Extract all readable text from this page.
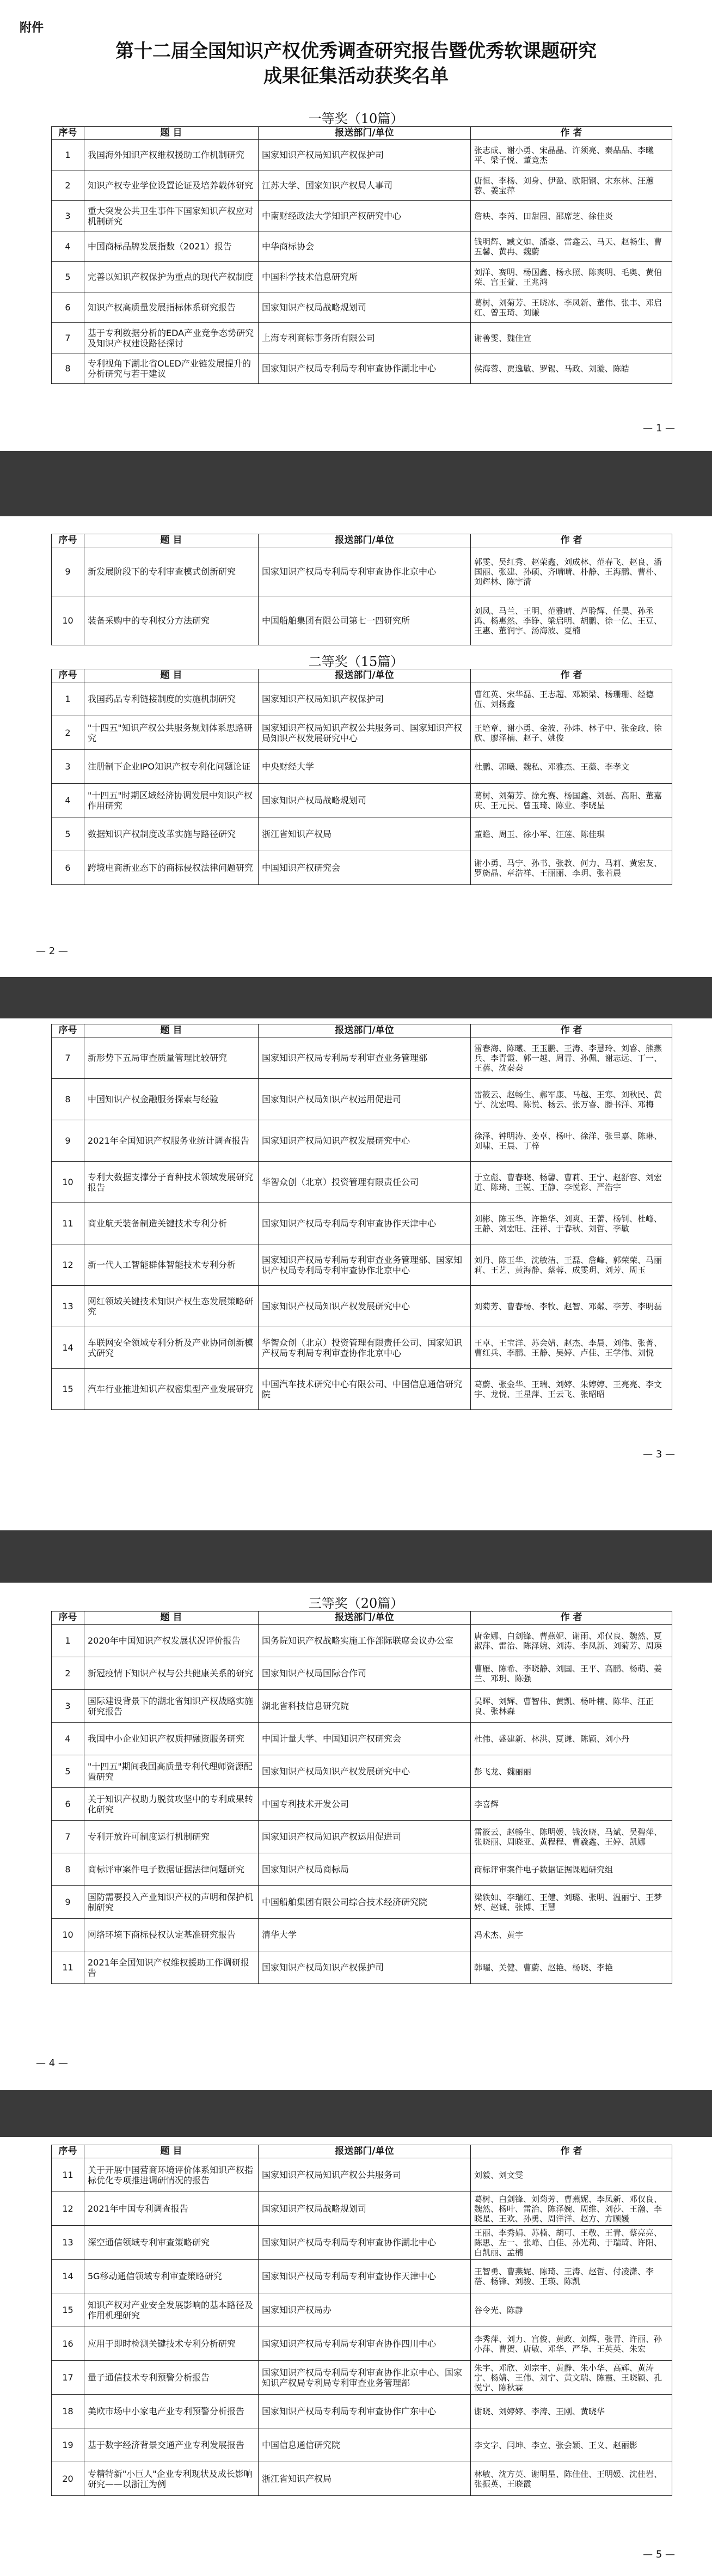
附件
第十二届全国知识产权优秀调查研究报告暨优秀软课题研究
成果征集活动获奖名单
一等奖（10篇）
序号	题 目	报送部门/单位	作 者
1	我国海外知识产权维权援助工作机制研究	国家知识产权局知识产权保护司	张志成、谢小勇、宋晶晶、许须亮、秦品品、李曦平、梁子悦、董竞杰
2	知识产权专业学位设置论证及培养载体研究	江苏大学、国家知识产权局人事司	唐恒、李杨、刘身、伊盈、欧阳钢、宋东林、汪蕙蓉、姜宝萍
3	重大突发公共卫生事件下国家知识产权应对机制研究	中南财经政法大学知识产权研究中心	詹映、李芮、田甜园、邵席芝、徐佳炎
4	中国商标品牌发展指数（2021）报告	中华商标协会	钱明辉、臧文如、潘豪、雷鑫云、马天、赵畅生、曹五馨、黄冉、魏蔚
5	完善以知识产权保护为重点的现代产权制度	中国科学技术信息研究所	刘洋、赛明、杨国鑫、杨永照、陈爽明、毛奥、黄伯荣、宫玉萱、王兆鸿
6	知识产权高质量发展指标体系研究报告	国家知识产权局战略规划司	葛树、刘菊芳、王晓冰、李凤新、董伟、张丰、邓启红、曾玉琦、刘谦
7	基于专利数据分析的EDA产业竞争态势研究及知识产权建设路径探讨	上海专利商标事务所有限公司	谢善雯、魏佳宣
8	专利视角下湖北省OLED产业链发展提升的分析研究与若干建议	国家知识产权局专利局专利审查协作湖北中心	侯海蓉、贾逸敏、罗锡、马政、刘璇、陈皓
— 1 —
序号	题 目	报送部门/单位	作 者
9	新发展阶段下的专利审查模式创新研究	国家知识产权局专利局专利审查协作北京中心	郭雯、吴红秀、赵荣鑫、刘成林、范春飞、赵良、潘国丽、张建、孙硕、齐晴晴、朴静、王海鹏、曹朴、刘辉林、陈宇清
10	装备采购中的专利权分方法研究	中国船舶集团有限公司第七一四研究所	刘凤、马兰、王明、范雅晴、芦聆辉、任昊、孙丞鸿、杨惠然、李铮、梁启明、胡鹏、徐一亿、王豆、王惠、董润宇、汤海波、夏楠
二等奖（15篇）
序号	题 目	报送部门/单位	作 者
1	我国药品专利链接制度的实施机制研究	国家知识产权局知识产权保护司	曹红英、宋华磊、王志超、邓颖梁、杨珊珊、经德伍、刘扬鑫
2	"十四五"知识产权公共服务规划体系思路研究	国家知识产权局知识产权公共服务司、国家知识产权局知识产权发展研究中心	王培章、谢小勇、金波、孙炜、林子中、张金政、徐欣、廖泽楠、赵子、姚俊
3	注册制下企业IPO知识产权专利化问题论证	中央财经大学	杜鹏、郭曦、魏私、邓雅杰、王薇、李孝文
4	"十四五"时期区域经济协调发展中知识产权作用研究	国家知识产权局战略规划司	葛树、刘菊芳、徐允赛、杨国鑫、刘磊、高阳、董嘉庆、王元民、曾玉琦、陈业、李晓星
5	数据知识产权制度改革实施与路径研究	浙江省知识产权局	董瞻、周玉、徐小军、汪莲、陈佳琪
6	跨境电商新业态下的商标侵权法律问题研究	中国知识产权研究会	谢小勇、马宁、孙书、张教、何力、马莉、黄宏友、罗旖晶、章浩祥、王丽丽、李玥、张若晨
— 2 —
序号	题 目	报送部门/单位	作 者
7	新形势下五局审查质量管理比较研究	国家知识产权局专利局专利审查业务管理部	雷春海、陈曦、王玉鹏、王涛、李慧玲、刘睿、熊燕兵、李青霞、郭一越、周青、孙佩、谢志远、丁一、王蓓、沈秦秦
8	中国知识产权金融服务探索与经验	国家知识产权局知识产权运用促进司	雷筱云、赵畅生、郝军康、马越、王寒、刘秋民、黄宁、沈宏鸣、陈悦、杨云、张万睿、滕书洋、邓梅
9	2021年全国知识产权服务业统计调查报告	国家知识产权局知识产权发展研究中心	徐泽、钟明涛、姜卓、杨叶、徐洋、张呈嘉、陈琳、刘啸、王晨、丁梓
10	专利大数据支撑分子育种技术领域发展研究报告	华智众创（北京）投资管理有限责任公司	于立彪、曹春晓、杨馨、曹莉、王宁、赵舒容、刘宏道、陈琦、王锐、王静、李悦彩、严浩宇
11	商业航天装备制造关键技术专利分析	国家知识产权局专利局专利审查协作天津中心	刘彬、陈玉华、许艳华、刘爽、王蕾、杨钊、杜峰、王静、刘宏旺、汪祥、于春秋、刘哲、李敏
12	新一代人工智能群体智能技术专利分析	国家知识产权局专利局专利审查业务管理部、国家知识产权局专利局专利审查协作北京中心	刘丹、陈玉华、沈敏洁、王磊、詹峰、郭荣荣、马丽莉、王艺、黄海静、蔡蓉、成雯玥、刘芳、周玉
13	网红领域关键技术知识产权生态发展策略研究	国家知识产权局知识产权发展研究中心	刘菊芳、曹春杨、李牧、赵智、邓粼、李芳、李明磊
14	车联网安全领域专利分析及产业协同创新模式研究	华智众创（北京）投资管理有限责任公司、国家知识产权局专利局专利审查协作北京中心	王卓、王宝洋、苏会婧、赵杰、李晨、刘伟、张菁、曹红兵、李鹏、王静、吴婷、卢佳、王学伟、刘悦
15	汽车行业推进知识产权密集型产业发展研究	中国汽车技术研究中心有限公司、中国信息通信研究院	葛蔚、张金华、王瑞、刘婷、朱婷婷、王亮亮、李文宇、龙悦、王星萍、王云飞、张昭昭
— 3 —
三等奖（20篇）
序号	题 目	报送部门/单位	作 者
1	2020年中国知识产权发展状况评价报告	国务院知识产权战略实施工作部际联席会议办公室	唐金娜、白剑锋、曹燕妮、谢雨、邓仅良、魏然、夏淑萍、雷治、陈泽婉、刘涛、李凤新、刘菊芳、周瑛
2	新冠疫情下知识产权与公共健康关系的研究	国家知识产权局国际合作司	曹雁、陈希、李晓静、刘国、王平、高鹏、杨萌、姜兰、邓玥、陈强
3	国际建设背景下的湖北省知识产权战略实施研究报告	湖北省科技信息研究院	吴晖、刘辉、曹智伟、黄凯、杨叶楠、陈华、汪正良、张林森
4	我国中小企业知识产权质押融资服务研究	中国计量大学、中国知识产权研究会	杜伟、盛建新、林洪、夏谦、陈颖、刘小丹
5	"十四五"期间我国高质量专利代理师资源配置研究	国家知识产权局知识产权发展研究中心	彭飞龙、魏丽丽
6	关于知识产权助力脱贫攻坚中的专利成果转化研究	中国专利技术开发公司	李喜辉
7	专利开放许可制度运行机制研究	国家知识产权局知识产权运用促进司	雷筱云、赵畅生、陈明媛、钱汝晓、马斌、吴碧萍、张晓丽、周晓亚、黄程程、曹羲鑫、王婷、凯娜
8	商标评审案件电子数据证据法律问题研究	国家知识产权局商标局	商标评审案件电子数据证据课题研究组
9	国防需要投入产业知识产权的声明和保护机制研究	中国船舶集团有限公司综合技术经济研究院	梁轶如、李瑞红、王健、刘璐、张明、温丽宁、王梦婷、赵诚、张博、王慧
10	网络环境下商标侵权认定基准研究报告	清华大学	冯术杰、黄宇
11	2021年全国知识产权维权援助工作调研报告	国家知识产权局知识产权保护司	韩曜、关健、曹蔚、赵艳、杨晓、李艳
— 4 —
序号	题 目	报送部门/单位	作 者
11	关于开展中国营商环境评价体系知识产权指标优化专项推进调研情况的报告	国家知识产权局知识产权公共服务司	刘毅、刘文雯
12	2021年中国专利调查报告	国家知识产权局战略规划司	葛树、白剑锋、刘菊芳、曹燕妮、李凤新、邓仅良、魏然、杨叶、雷治、陈泽婉、周维、刘莎、王瀚、李晓星、王欢、孙勇、周洋洋、赵方、方顾媛
13	深空通信领域专利审查策略研究	国家知识产权局专利局专利审查协作湖北中心	王丽、李秀娟、苏楠、胡可、王敬、王青、蔡亮亮、陈思、左一、张峰、白佳、孙光莉、于瑞琦、许阳、白凯丽、孟楠
14	5G移动通信领域专利审查策略研究	国家知识产权局专利局专利审查协作天津中心	王智勇、曹燕妮、陈琦、王涛、赵哲、付凌潇、李蓓、杨锋、刘骏、王瑛、陈凯
15	知识产权对产业安全发展影响的基本路径及作用机理研究	国家知识产权局办	谷令光、陈静
16	应用于即时检测关键技术专利分析研究	国家知识产权局专利局专利审查协作四川中心	李秀萍、刘力、宫俊、黄政、刘辉、张青、许丽、孙小萍、曹贺、唐敏、邓华、严华、王英英、朱宏
17	量子通信技术专利预警分析报告	国家知识产权局专利局专利审查协作北京中心、国家知识产权局专利局专利审查业务管理部	朱宇、邓欣、刘宗宇、黄静、朱小华、高辉、黄涛宁、杨婧、王伟、刘宁、黄文瑞、陈霞、王晓颖、孔悦宁、陈秋霖
18	美欧市场中小家电产业专利预警分析报告	国家知识产权局专利局专利审查协作广东中心	谢晓、刘婷婷、李涛、王刚、黄晓华
19	基于数字经济背景交通产业专利发展报告	中国信息通信研究院	李文字、闫坤、李立、张会颖、王义、赵丽影
20	专精特新"小巨人"企业专利现状及成长影响研究——以浙江为例	浙江省知识产权局	林敏、沈方英、谢明星、陈佳佳、王明媛、沈佳岩、张振英、王晓霞
— 5 —
